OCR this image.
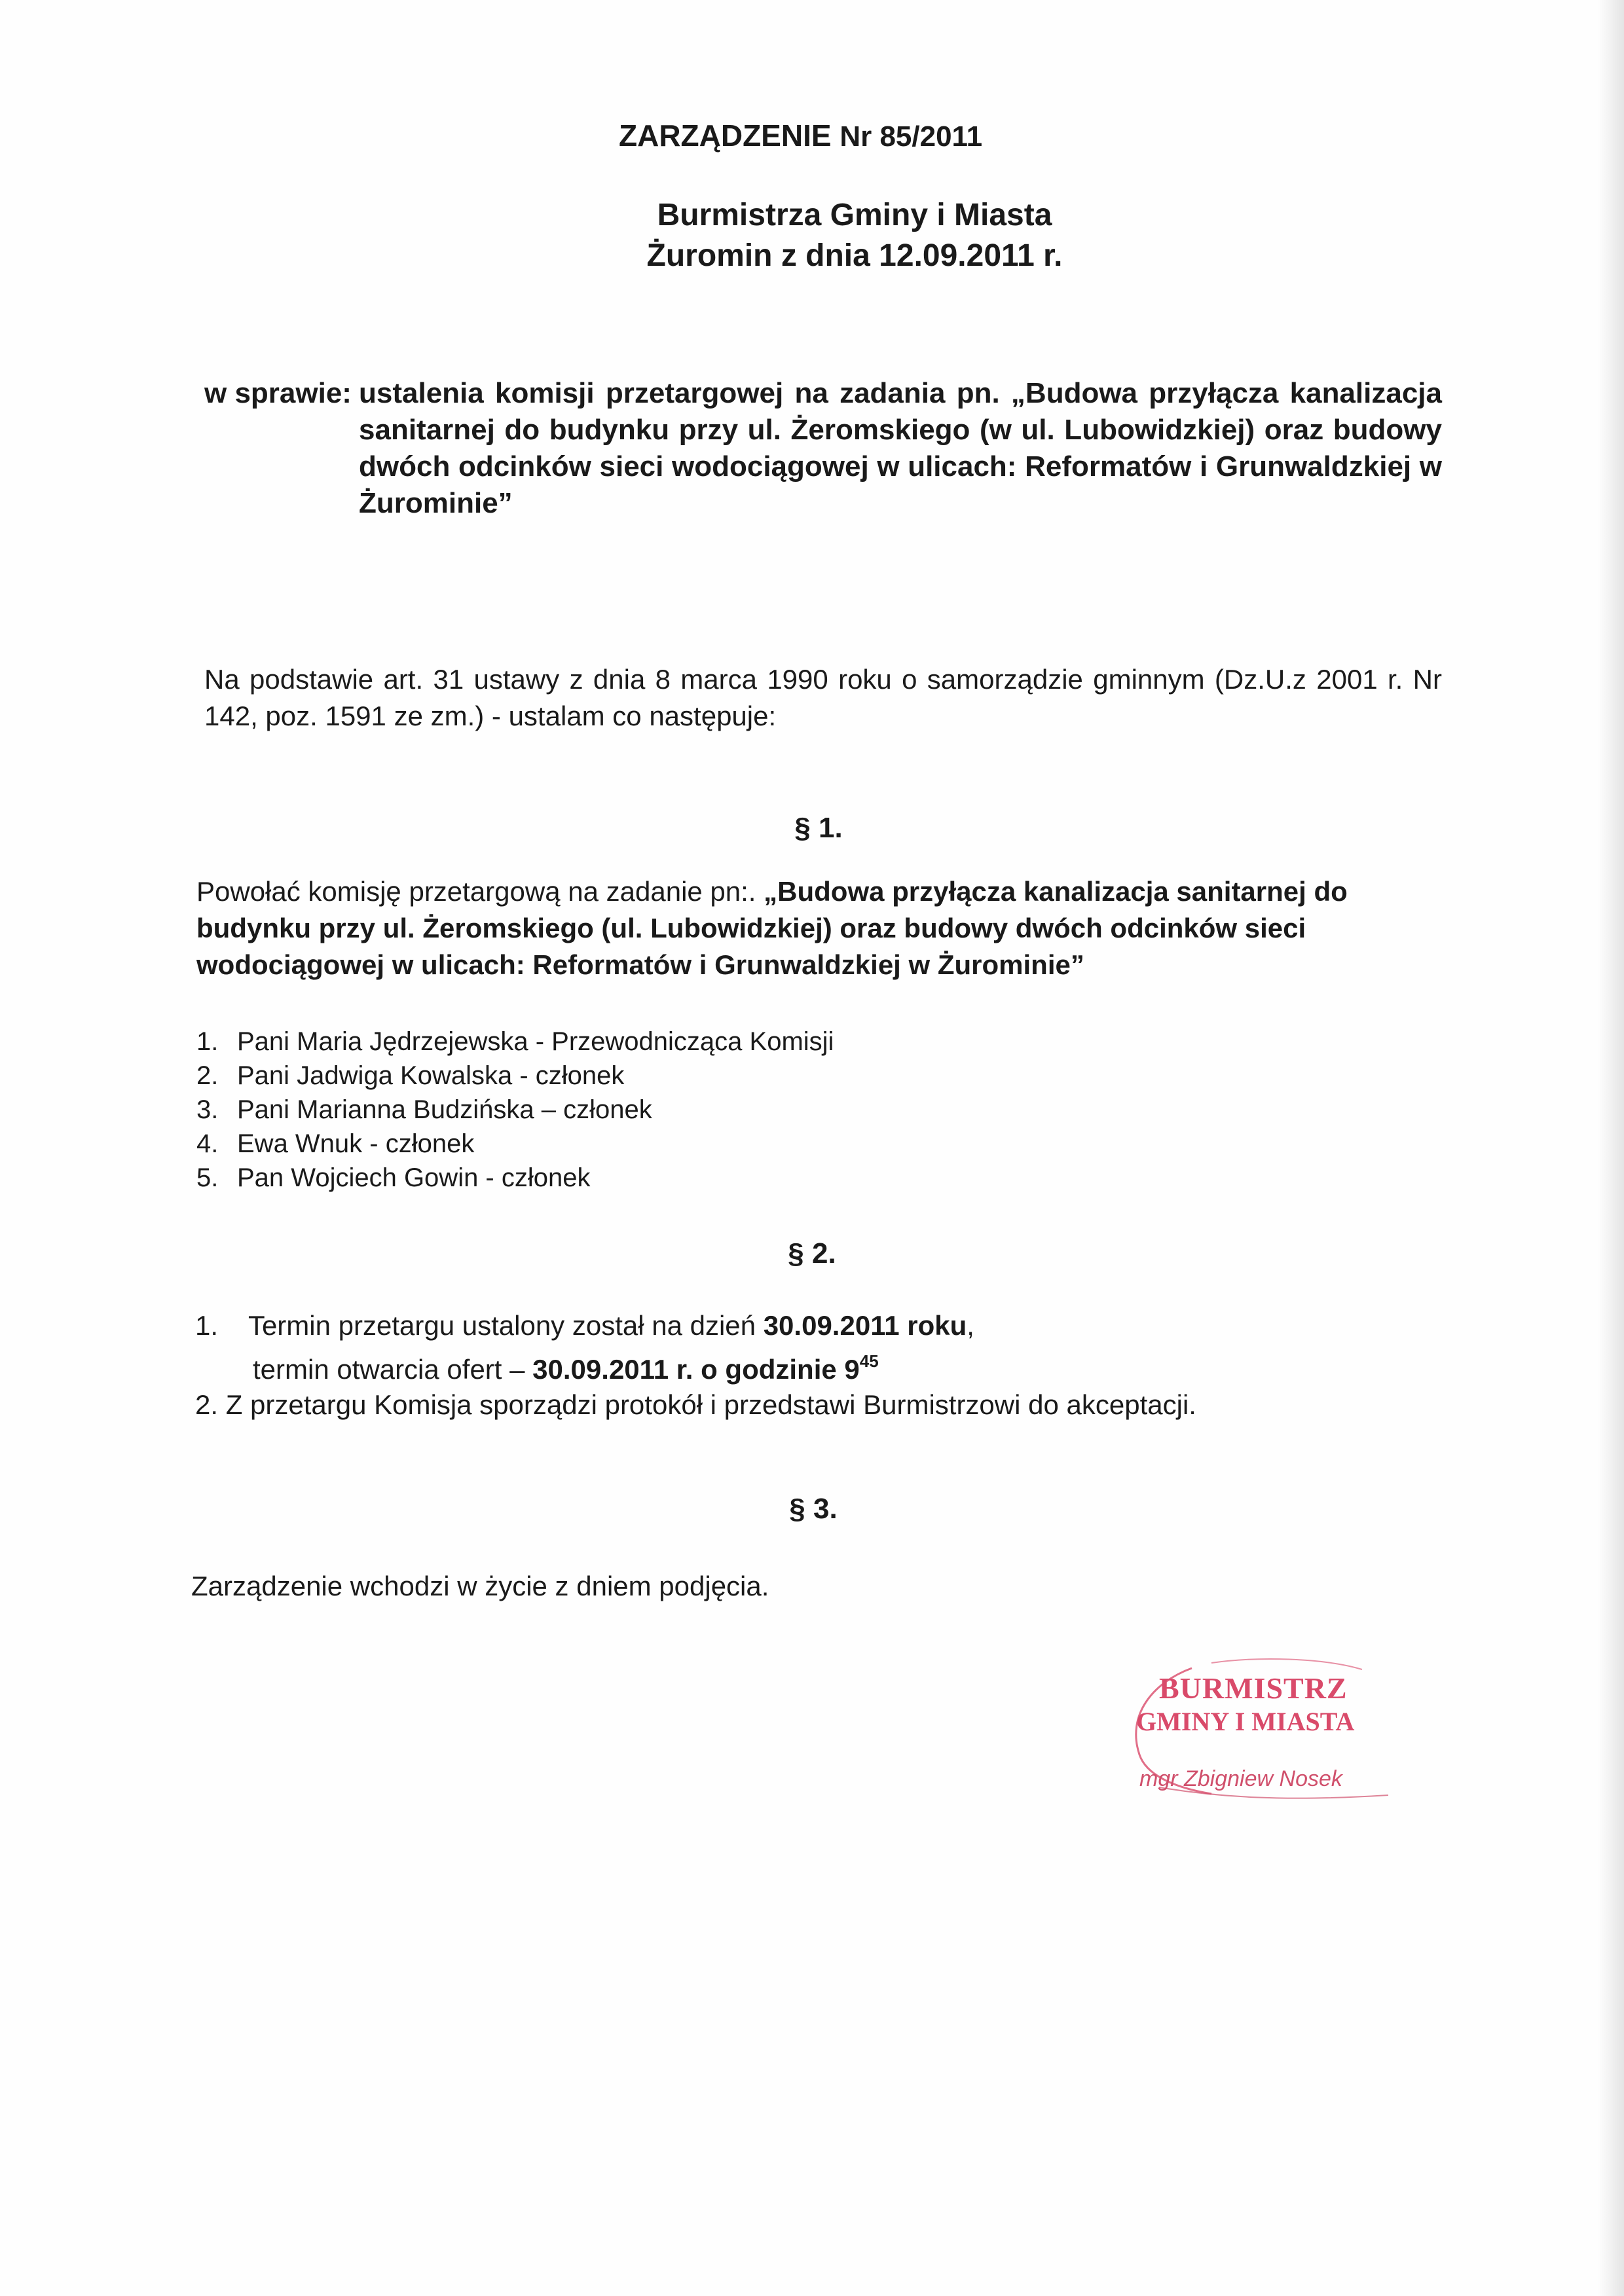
ZARZĄDZENIE Nr 85/2011
Burmistrza Gminy i Miasta
Żuromin z dnia 12.09.2011 r.
w sprawie: ustalenia komisji przetargowej na zadania pn. „Budowa przyłącza kanalizacja sanitarnej do budynku przy ul. Żeromskiego (w ul. Lubowidzkiej) oraz budowy dwóch odcinków sieci wodociągowej w ulicach: Reformatów i Grunwaldzkiej w Żurominie”
Na podstawie art. 31 ustawy z dnia 8 marca 1990 roku o samorządzie gminnym (Dz.U.z 2001 r. Nr 142, poz. 1591 ze zm.) - ustalam co następuje:
§ 1.
Powołać komisję przetargową na zadanie pn:. „Budowa przyłącza kanalizacja sanitarnej do budynku przy ul. Żeromskiego (ul. Lubowidzkiej) oraz budowy dwóch odcinków sieci wodociągowej w ulicach: Reformatów i Grunwaldzkiej w Żurominie”
1. Pani Maria Jędrzejewska - Przewodnicząca Komisji
2. Pani Jadwiga Kowalska - członek
3. Pani Marianna Budzińska – członek
4. Ewa Wnuk - członek
5. Pan Wojciech Gowin - członek
§ 2.
1. Termin przetargu ustalony został na dzień 30.09.2011 roku,
termin otwarcia ofert – 30.09.2011 r. o godzinie $9^{45}$
2. Z przetargu Komisja sporządzi protokół i przedstawi Burmistrzowi do akceptacji.
§ 3.
Zarządzenie wchodzi w życie z dniem podjęcia.
BURMISTRZ
GMINY I MIASTA
mgr Zbigniew Nosek
